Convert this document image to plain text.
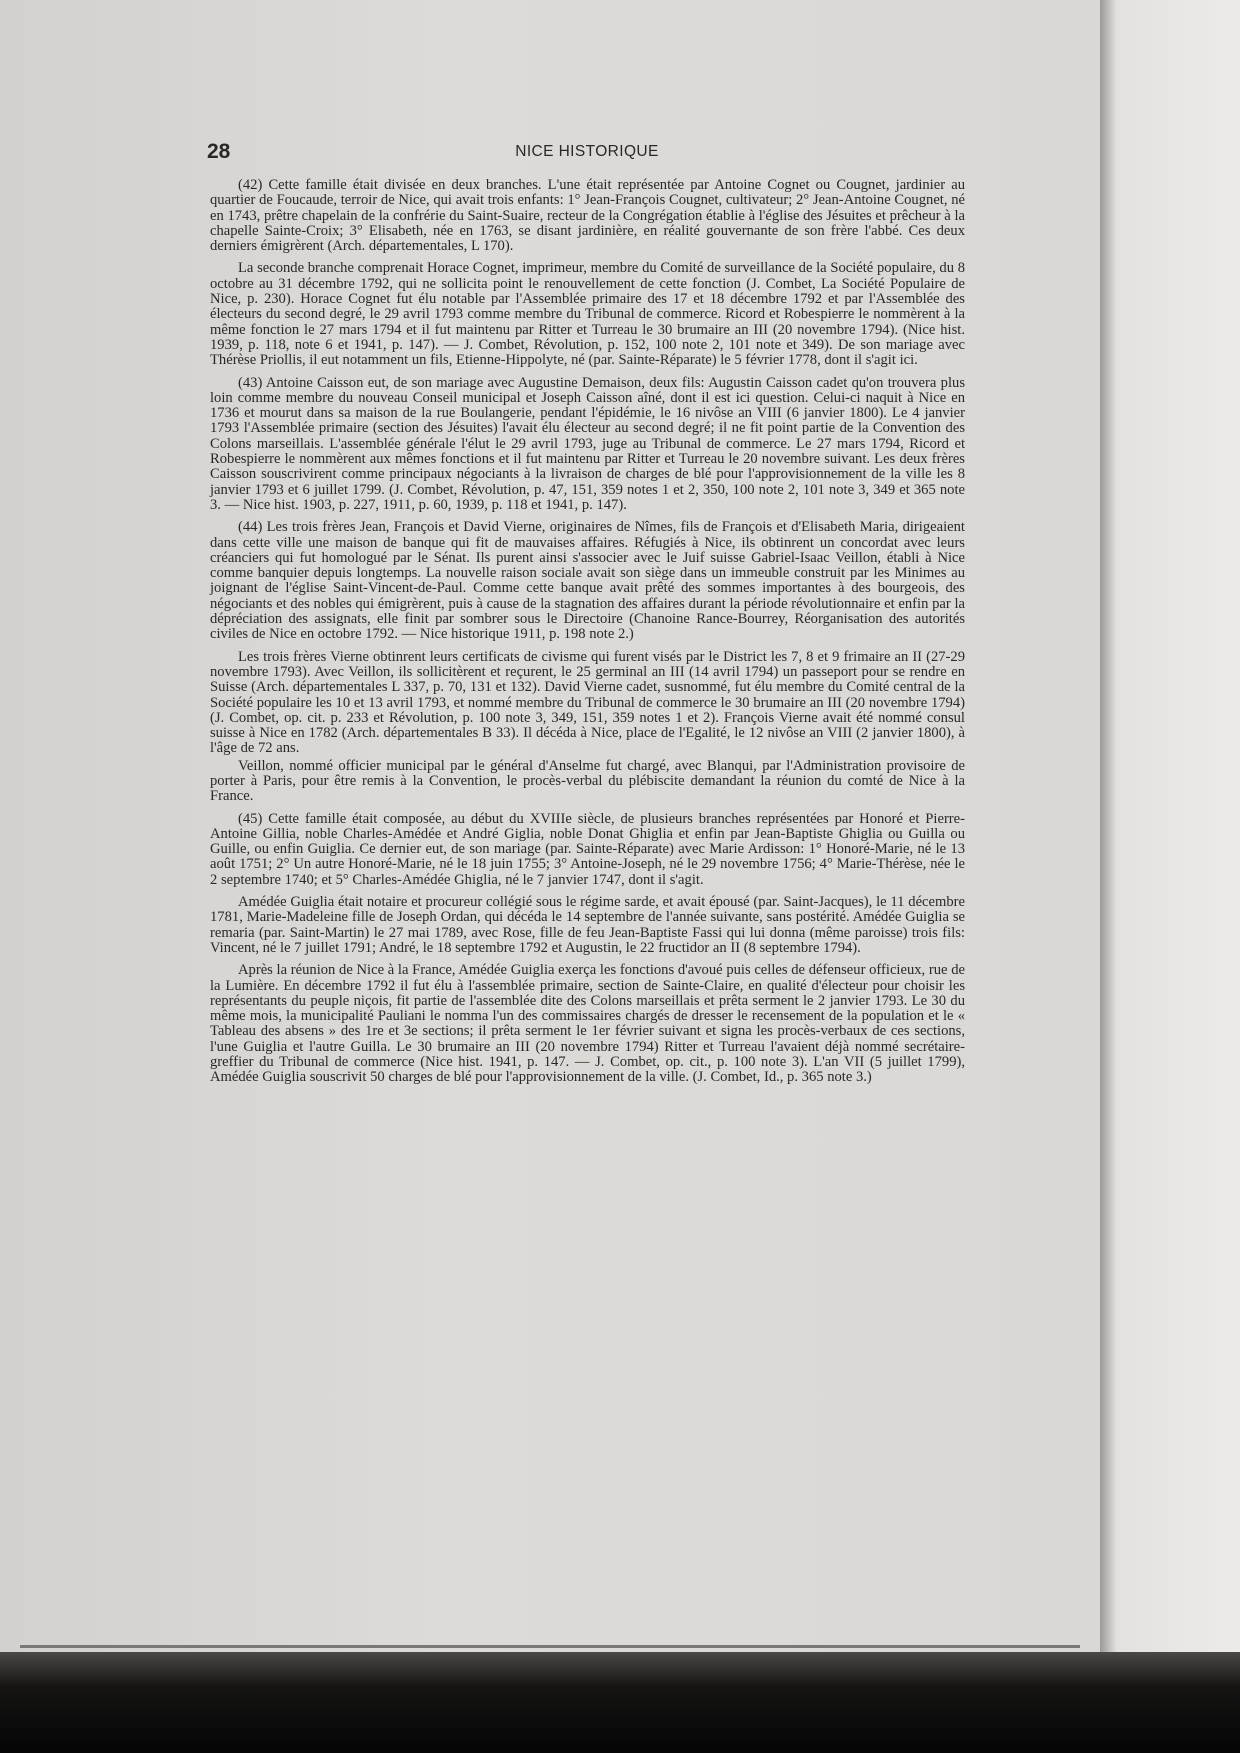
28	NICE HISTORIQUE

(42) Cette famille était divisée en deux branches. L'une était représentée par Antoine Cognet ou Cougnet, jardinier au quartier de Foucaude, terroir de Nice, qui avait trois enfants: 1° Jean-François Cougnet, cultivateur; 2° Jean-Antoine Cougnet, né en 1743, prêtre chapelain de la confrérie du Saint-Suaire, recteur de la Congrégation établie à l'église des Jésuites et prêcheur à la chapelle Sainte-Croix; 3° Elisabeth, née en 1763, se disant jardinière, en réalité gouvernante de son frère l'abbé. Ces deux derniers émigrèrent (Arch. départementales, L 170).

La seconde branche comprenait Horace Cognet, imprimeur, membre du Comité de surveillance de la Société populaire, du 8 octobre au 31 décembre 1792, qui ne sollicita point le renouvellement de cette fonction (J. Combet, La Société Populaire de Nice, p. 230). Horace Cognet fut élu notable par l'Assemblée primaire des 17 et 18 décembre 1792 et par l'Assemblée des électeurs du second degré, le 29 avril 1793 comme membre du Tribunal de commerce. Ricord et Robespierre le nommèrent à la même fonction le 27 mars 1794 et il fut maintenu par Ritter et Turreau le 30 brumaire an III (20 novembre 1794). (Nice hist. 1939, p. 118, note 6 et 1941, p. 147). — J. Combet, Révolution, p. 152, 100 note 2, 101 note et 349). De son mariage avec Thérèse Priollis, il eut notamment un fils, Etienne-Hippolyte, né (par. Sainte-Réparate) le 5 février 1778, dont il s'agit ici.

(43) Antoine Caisson eut, de son mariage avec Augustine Demaison, deux fils: Augustin Caisson cadet qu'on trouvera plus loin comme membre du nouveau Conseil municipal et Joseph Caisson aîné, dont il est ici question. Celui-ci naquit à Nice en 1736 et mourut dans sa maison de la rue Boulangerie, pendant l'épidémie, le 16 nivôse an VIII (6 janvier 1800). Le 4 janvier 1793 l'Assemblée primaire (section des Jésuites) l'avait élu électeur au second degré; il ne fit point partie de la Convention des Colons marseillais. L'assemblée générale l'élut le 29 avril 1793, juge au Tribunal de commerce. Le 27 mars 1794, Ricord et Robespierre le nommèrent aux mêmes fonctions et il fut maintenu par Ritter et Turreau le 20 novembre suivant. Les deux frères Caisson souscrivirent comme principaux négociants à la livraison de charges de blé pour l'approvisionnement de la ville les 8 janvier 1793 et 6 juillet 1799. (J. Combet, Révolution, p. 47, 151, 359 notes 1 et 2, 350, 100 note 2, 101 note 3, 349 et 365 note 3. — Nice hist. 1903, p. 227, 1911, p. 60, 1939, p. 118 et 1941, p. 147).

(44) Les trois frères Jean, François et David Vierne, originaires de Nîmes, fils de François et d'Elisabeth Maria, dirigeaient dans cette ville une maison de banque qui fit de mauvaises affaires. Réfugiés à Nice, ils obtinrent un concordat avec leurs créanciers qui fut homologué par le Sénat. Ils purent ainsi s'associer avec le Juif suisse Gabriel-Isaac Veillon, établi à Nice comme banquier depuis longtemps. La nouvelle raison sociale avait son siège dans un immeuble construit par les Minimes au joignant de l'église Saint-Vincent-de-Paul. Comme cette banque avait prêté des sommes importantes à des bourgeois, des négociants et des nobles qui émigrèrent, puis à cause de la stagnation des affaires durant la période révolutionnaire et enfin par la dépréciation des assignats, elle finit par sombrer sous le Directoire (Chanoine Rance-Bourrey, Réorganisation des autorités civiles de Nice en octobre 1792. — Nice historique 1911, p. 198 note 2.)

Les trois frères Vierne obtinrent leurs certificats de civisme qui furent visés par le District les 7, 8 et 9 frimaire an II (27-29 novembre 1793). Avec Veillon, ils sollicitèrent et reçurent, le 25 germinal an III (14 avril 1794) un passeport pour se rendre en Suisse (Arch. départementales L 337, p. 70, 131 et 132). David Vierne cadet, susnommé, fut élu membre du Comité central de la Société populaire les 10 et 13 avril 1793, et nommé membre du Tribunal de commerce le 30 brumaire an III (20 novembre 1794) (J. Combet, op. cit. p. 233 et Révolution, p. 100 note 3, 349, 151, 359 notes 1 et 2). François Vierne avait été nommé consul suisse à Nice en 1782 (Arch. départementales B 33). Il décéda à Nice, place de l'Egalité, le 12 nivôse an VIII (2 janvier 1800), à l'âge de 72 ans.

Veillon, nommé officier municipal par le général d'Anselme fut chargé, avec Blanqui, par l'Administration provisoire de porter à Paris, pour être remis à la Convention, le procès-verbal du plébiscite demandant la réunion du comté de Nice à la France.

(45) Cette famille était composée, au début du XVIIIe siècle, de plusieurs branches représentées par Honoré et Pierre-Antoine Gillia, noble Charles-Amédée et André Giglia, noble Donat Ghiglia et enfin par Jean-Baptiste Ghiglia ou Guilla ou Guille, ou enfin Guiglia. Ce dernier eut, de son mariage (par. Sainte-Réparate) avec Marie Ardisson: 1° Honoré-Marie, né le 13 août 1751; 2° Un autre Honoré-Marie, né le 18 juin 1755; 3° Antoine-Joseph, né le 29 novembre 1756; 4° Marie-Thérèse, née le 2 septembre 1740; et 5° Charles-Amédée Ghiglia, né le 7 janvier 1747, dont il s'agit.

Amédée Guiglia était notaire et procureur collégié sous le régime sarde, et avait épousé (par. Saint-Jacques), le 11 décembre 1781, Marie-Madeleine fille de Joseph Ordan, qui décéda le 14 septembre de l'année suivante, sans postérité. Amédée Guiglia se remaria (par. Saint-Martin) le 27 mai 1789, avec Rose, fille de feu Jean-Baptiste Fassi qui lui donna (même paroisse) trois fils: Vincent, né le 7 juillet 1791; André, le 18 septembre 1792 et Augustin, le 22 fructidor an II (8 septembre 1794).

Après la réunion de Nice à la France, Amédée Guiglia exerça les fonctions d'avoué puis celles de défenseur officieux, rue de la Lumière. En décembre 1792 il fut élu à l'assemblée primaire, section de Sainte-Claire, en qualité d'électeur pour choisir les représentants du peuple niçois, fit partie de l'assemblée dite des Colons marseillais et prêta serment le 2 janvier 1793. Le 30 du même mois, la municipalité Pauliani le nomma l'un des commissaires chargés de dresser le recensement de la population et le « Tableau des absens » des 1re et 3e sections; il prêta serment le 1er février suivant et signa les procès-verbaux de ces sections, l'une Guiglia et l'autre Guilla. Le 30 brumaire an III (20 novembre 1794) Ritter et Turreau l'avaient déjà nommé secrétaire-greffier du Tribunal de commerce (Nice hist. 1941, p. 147. — J. Combet, op. cit., p. 100 note 3). L'an VII (5 juillet 1799), Amédée Guiglia souscrivit 50 charges de blé pour l'approvisionnement de la ville. (J. Combet, Id., p. 365 note 3.)
